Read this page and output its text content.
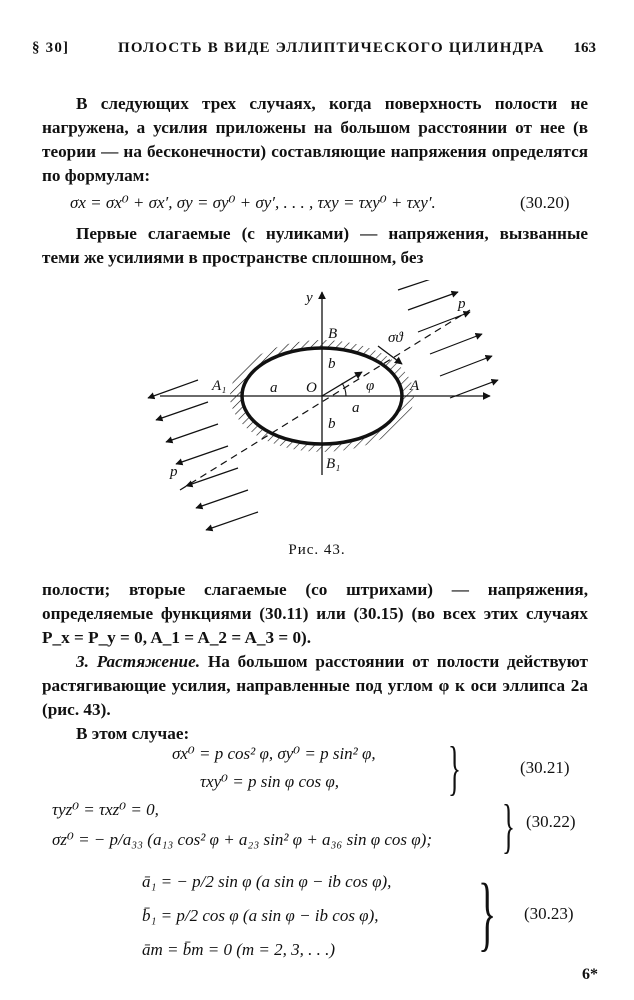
§ 30]	ПОЛОСТЬ В ВИДЕ ЭЛЛИПТИЧЕСКОГО ЦИЛИНДРА 163
В следующих трех случаях, когда поверхность полости не нагружена, а усилия приложены на большом расстоянии от нее (в теории — на бесконечности) составляющие напряжения определятся по формулам:
σx = σx⁰ + σx′, σy = σy⁰ + σy′, . . . , τxy = τxy⁰ + τxy′.	(30.20)
Первые слагаемые (с нуликами) — напряжения, вызванные теми же усилиями в пространстве сплошном, без
y
B
B₁
A
A₁	O
a
a
b
b
φ
σϑ
p
p
Рис. 43.
полости; вторые слагаемые (со штрихами) — напряжения, определяемые функциями (30.11) или (30.15) (во всех этих случаях P_x = P_y = 0, A_1 = A_2 = A_3 = 0).
3. Растяжение. На большом расстоянии от полости действуют растягивающие усилия, направленные под углом φ к оси эллипса 2a (рис. 43).
В этом случае:
σx⁰ = p cos² φ, σy⁰ = p sin² φ,
τxy⁰ = p sin φ cos φ, }	(30.21)
τyz⁰ = τxz⁰ = 0,
σz⁰ = − p/a₃₃ (a₁₃ cos² φ + a₂₃ sin² φ + a₃₆ sin φ cos φ); } (30.22)
ā₁ = − p/2 sin φ (a sin φ − ib cos φ),
b̄₁ = p/2 cos φ (a sin φ − ib cos φ),
ām = b̄m = 0 (m = 2, 3, . . .) } (30.23)
6*
